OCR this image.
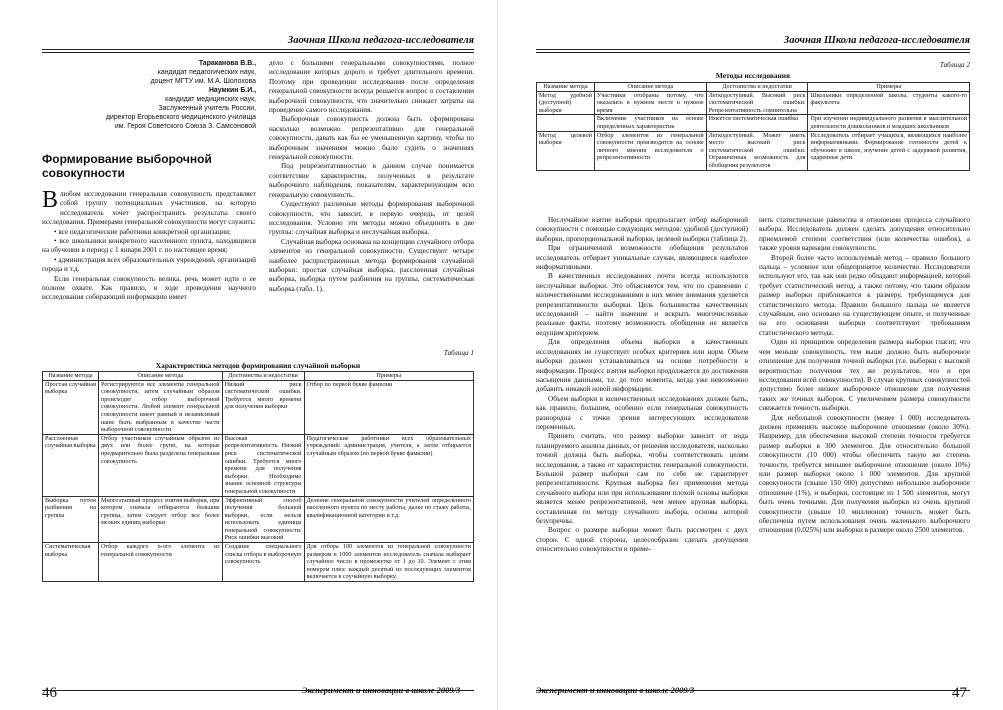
Заочная Школа педагога-исследователя
Тараканова В.В.,
кандидат педагогических наук,
доцент МГТУ им. М.А. Шолохова
Наумкин Б.И.,
кандидат медицинских наук,
Заслуженный учитель России,
директор Егорьевского медицинского училища
им. Героя Советского Союза З. Самсоновой
Формирование выборочной совокупности

Влюбом исследовании генеральная совокупность представляет собой группу потенциальных участников, на которую исследователь хочет распространить результаты своего исследования. Примерами генеральной совокупности могут служить:

• все педагогические работники конкретной организации;

• все школьники конкретного населенного пункта, находящиеся на обучении в период с 1 января 2001 г. по настоящее время;

• администрация всех образовательных учреждений, организаций города и т.д.

Если генеральная совокупность велика, речь может идти о ее полном охвате. Как правило, в ходе проведения научного исследования собирающий информацию имеет

дело с большими генеральными совокупностями, полное исследование которых дорого и требует длительного времени. Поэтому при проведении исследования после определения генеральной совокупности всегда решается вопрос о составлении выборочной совокупности, что значительно снижает затраты на проведение самого исследования.

Выборочная совокупность должна быть сформирована насколько возможно репрезентативно для генеральной совокупности, давать как бы ее уменьшенную картину, чтобы по выборочным значениям можно было судить о значениях генеральной совокупности.

Под репрезентативностью в данном случае понимается соответствие характеристик, полученных в результате выборочного наблюдения, показателям, характеризующим всю генеральную совокупность.

Существуют различные методы формирования выборочной совокупности, что зависит, в первую очередь, от целей исследования. Условно эти методы можно объединить в две группы: случайная выборка и неслучайная выборка.

Случайная выборка основана на концепции случайного отбора элементов из генеральной совокупности. Существуют четыре наиболее распространенных метода формирования случайной выборки: простая случайная выборка, расслоенная случайная выборка, выборка путем разбиения на группы, систематическая выборка (табл. 1).

Таблица 1
Характеристика методов формирования случайной выборки
Название метода	Описание метода	Достоинства и недостатки	Примеры
Простая случайная выборка	Регистрируются все элементы генеральной совокупности, затем случайным образом происходит отбор выборочной совокупности. Любой элемент генеральной совокупности имеет равный и независимый шанс быть выбранным в качестве части выборочной совокупности	Низкий риск систематической ошибки. Требуется много времени для получения выборки	Отбор по первой букве фамилии
Расслоенная случайная выборка	Отбор участников случайным образом из двух или более групп, на которые предварительно была разделена генеральная совокупность	Высокая репрезентативность. Низкий риск систематической ошибки. Требуется много времени для получения выборки. Необходимо знание основной структуры генеральной совокупности	Педагогические работники всех образовательных учреждений: администрация, учителя, а затем отбирается случайным образом (по первой букве фамилии)
Выборка путем разбиения на группы	Многоэтапный процесс взятия выборки, при котором сначала отбираются большие группы, затем следует отбор все более мелких единиц выборки	Эффективный способ получения большой выборки, если нельзя использовать единицы генеральной совокупности. Риск ошибки высокий	Деление генеральной совокупности учителей определенного населенного пункта по месту работы, далее по стажу работы, квалификационной категории и т.д.
Систематическая выборка	Отбор каждого n-ого элемента из генеральной совокупности	Создание специального списка отбора в выборочную совокупность	Для отбора 100 элементов из генеральной совокупности размером в 1000 элементов исследователь сначала выбирает случайное число в промежутке от 1 до 10. Элемент с этим номером плюс каждый десятый из последующих элементов включается в случайную выборку.
46	Эксперимент и инновации в школе 2009/3
Заочная Школа педагога-исследователя
Таблица 2
Методы исследования
Название метода	Описание метода	Достоинства и недостатки	Примеры
Метод удобной (доступной) выборки	Участники отобраны потому, что оказались в нужном месте в нужное время	Легкодоступный. Высокий риск систематической ошибки. Репрезентативность сомнительна	Школьники определенной школы, студенты какого-то факультета
	Включение участников на основе определенных характеристик	Имеется систематическая ошибка	При изучении индивидуального развития в мыслительной деятельности дошкольников и младших школьников
Метод целевой выборки	Отбор элементов из генеральной совокупности производится на основе личного мнения исследователя о репрезентативности	Легкодоступный. Может иметь место высокий риск систематической ошибки. Ограниченная возможность для обобщения результатов	Исследователь отбирает учащихся, являющихся наиболее информативными. Формирование готовности детей к обучению в школе, изучение детей с задержкой развития, одаренные дети.

Неслучайное взятие выборки предполагает отбор выборочной совокупности с помощью следующих методов: удобной (доступной) выборки, пропорциональной выборки, целевой выборки (таблица 2).

При ограниченной возможности обобщения результатов исследователь отбирает уникальные случаи, являющиеся наиболее информативными.

В качественных исследованиях почти всегда используются неслучайные выборки. Это объясняется тем, что по сравнению с количественными исследованиями в них менее внимания уделяется репрезентативности выборки. Цель большинства качественных исследований – найти значение и вскрыть многочисленные реальные факты, поэтому возможность обобщения не является ведущим критерием.

Для определения объема выборки в качественных исследованиях не существует особых критериев или норм. Объем выборки должен устанавливаться на основе потребности в информации. Процесс взятия выборки продолжается до достижения насыщения данными, т.е. до того момента, когда уже невозможно добавить никакой новой информации.

Объем выборки в количественных исследованиях должен быть, как правило, большим, особенно если генеральная совокупность разнородна с точки зрения интересующих исследователя переменных.

Принято считать, что размер выборки зависит от вида планируемого анализа данных, от решения исследователя, насколько точной должна быть выборка, чтобы соответствовать целям исследования, а также от характеристик генеральной совокупности. Большой размер выборки сам по себе не гарантирует репрезентативности. Крупная выборка без применения метода случайного выбора или при использовании плохой основы выборки является менее репрезентативной, чем менее крупная выборка, составленная по методу случайного выбора, основы которой безупречны.

Вопрос о размере выборки может быть рассмотрен с двух сторон. С одной стороны, целесообразно сделать допущения относительно совокупности и приме-

нить статистические равенства в отношении процесса случайного выбора. Исследователь должен сделать допущения относительно приемлемой степени соответствия (или количества ошибок), а также уровня вариации совокупности.

Второй более часто используемый метод – правило большого пальца – условное или общепринятое количество. Исследователи используют его, так как они редко обладают информацией, которой требует статистический метод, а также потому, что таким образом размер выборки приближается к размеру, требующемуся для статистического метода. Правило большого пальца не является случайным, оно основано на существующем опыте, и полученные на его основании выборки соответствуют требованиям статистического метода.

Один из принципов определения размера выборки гласит, что чем меньше совокупность, тем выше должно быть выборочное отношение для получения точной выборки (т.е. выборки с высокой вероятностью получения тех же результатов, что и при исследовании всей совокупности). В случае крупных совокупностей допустимо более низкое выборочное отношение для получения таких же точных выборок. С увеличением размера совокупности снижается точность выборки.

Для небольшой совокупности (менее 1 000) исследователь должен применять высокое выборочное отношение (около 30%). Например, для обеспечения высокой степени точности требуется размер выборки в 300 элементов. Для относительно большой совокупности (10 000) чтобы обеспечить такую же степень точности, требуется меньшее выборочное отношение (около 10%) или размер выборки около 1 000 элементов. Для крупной совокупности (свыше 150 000) допустимо небольшое выборочное отношение (1%), и выборки, состоящие из 1 500 элементов, могут быть очень точными. Для получения выборки из очень крупной совокупности (свыше 10 миллионов) точность может быть обеспечена путем использования очень маленького выборочного отношения (0,025%) или выборки в размере около 2500 элементов.

Эксперимент и инновации в школе 2009/3	47
